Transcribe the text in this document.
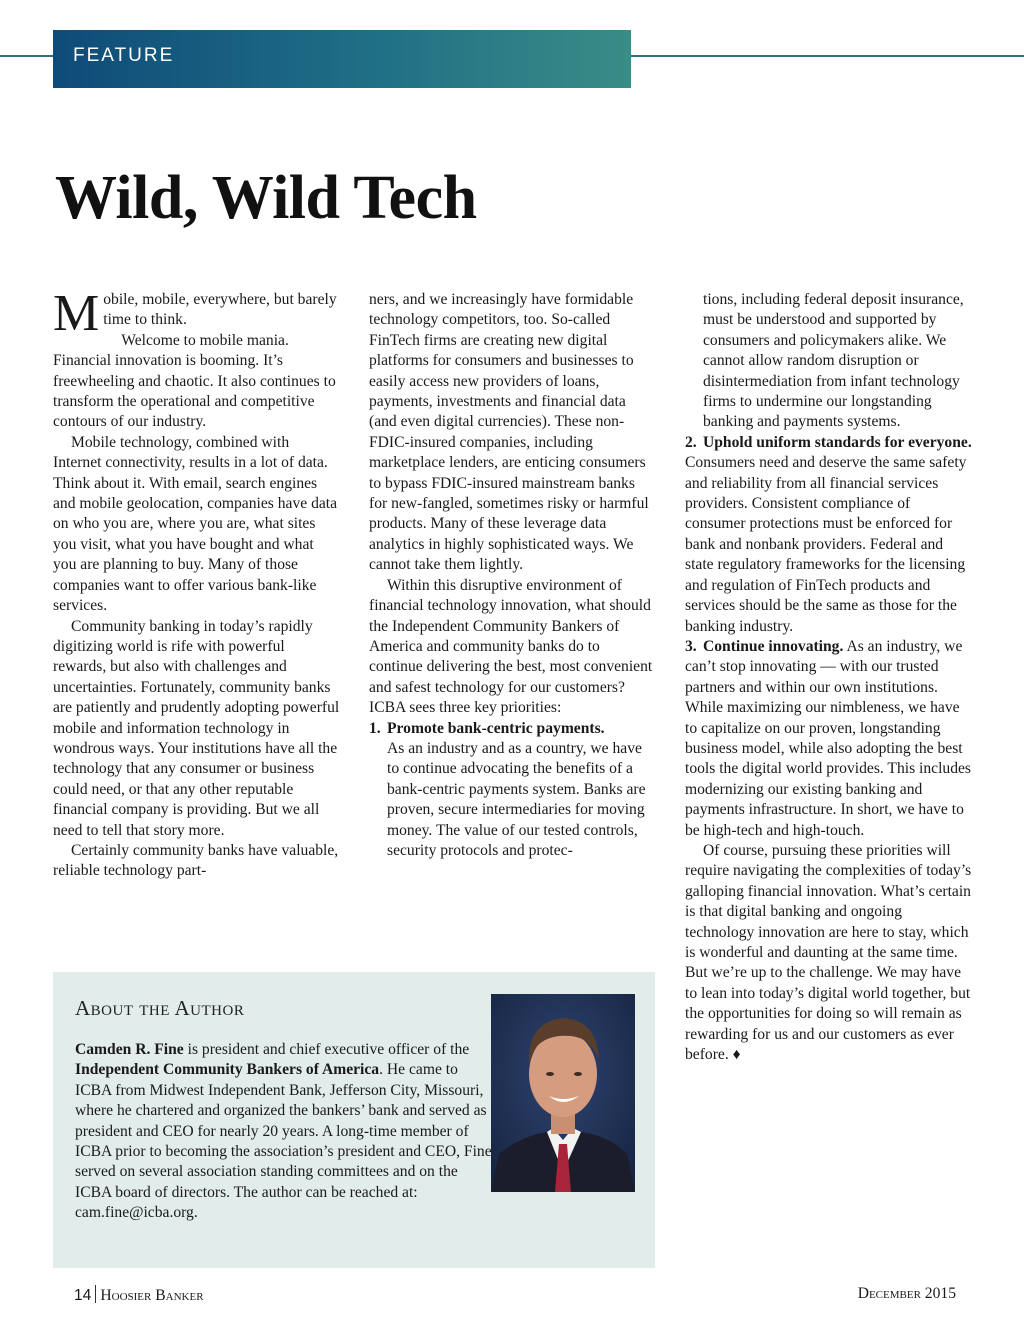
FEATURE
Wild, Wild Tech

Mobile, mobile, everywhere, but barely time to think.

Welcome to mobile mania. Financial innovation is booming. It’s freewheeling and chaotic. It also continues to transform the operational and competitive contours of our industry.

Mobile technology, combined with Internet connectivity, results in a lot of data. Think about it. With email, search engines and mobile geolocation, companies have data on who you are, where you are, what sites you visit, what you have bought and what you are planning to buy. Many of those companies want to offer various bank-like services.

Community banking in today’s rapidly digitizing world is rife with powerful rewards, but also with challenges and uncertainties. Fortunately, community banks are patiently and prudently adopting powerful mobile and information technology in wondrous ways. Your institutions have all the technology that any consumer or business could need, or that any other reputable financial company is providing. But we all need to tell that story more.

Certainly community banks have valuable, reliable technology part-

ners, and we increasingly have formidable technology competitors, too. So-called FinTech firms are creating new digital platforms for consumers and businesses to easily access new providers of loans, payments, investments and financial data (and even digital currencies). These non-FDIC-insured companies, including marketplace lenders, are enticing consumers to bypass FDIC-insured mainstream banks for new-fangled, sometimes risky or harmful products. Many of these leverage data analytics in highly sophisticated ways. We cannot take them lightly.

Within this disruptive environment of financial technology innovation, what should the Independent Community Bankers of America and community banks do to continue delivering the best, most convenient and safest technology for our customers? ICBA sees three key priorities:

1. Promote bank-centric payments.

As an industry and as a country, we have to continue advocating the benefits of a bank-centric payments system. Banks are proven, secure intermediaries for moving money. The value of our tested controls, security protocols and protec-

tions, including federal deposit insurance, must be understood and supported by consumers and policymakers alike. We cannot allow random disruption or disintermediation from infant technology firms to undermine our longstanding banking and payments systems.

2. Uphold uniform standards for everyone. Consumers need and deserve the same safety and reliability from all financial services providers. Consistent compliance of consumer protections must be enforced for bank and nonbank providers. Federal and state regulatory frameworks for the licensing and regulation of FinTech products and services should be the same as those for the banking industry.

3. Continue innovating. As an industry, we can’t stop innovating — with our trusted partners and within our own institutions. While maximizing our nimbleness, we have to capitalize on our proven, longstanding business model, while also adopting the best tools the digital world provides. This includes modernizing our existing banking and payments infrastructure. In short, we have to be high-tech and high-touch.

Of course, pursuing these priorities will require navigating the complexities of today’s galloping financial innovation. What’s certain is that digital banking and ongoing technology innovation are here to stay, which is wonderful and daunting at the same time. But we’re up to the challenge. We may have to lean into today’s digital world together, but the opportunities for doing so will remain as rewarding for us and our customers as ever before. ♦

About the Author

Camden R. Fine is president and chief executive officer of the Independent Community Bankers of America. He came to ICBA from Midwest Independent Bank, Jefferson City, Missouri, where he chartered and organized the bankers’ bank and served as president and CEO for nearly 20 years. A long-time member of ICBA prior to becoming the association’s president and CEO, Fine served on several association standing committees and on the ICBA board of directors. The author can be reached at: cam.fine@icba.org.

14 Hoosier Banker	December 2015
